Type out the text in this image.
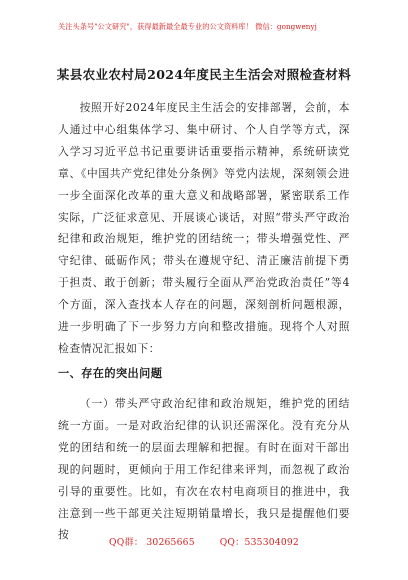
关注头条号"公文研究"，获得最新最全最专业的公文资料库！ 微信：gongwenyj
某县农业农村局2024年度民主生活会对照检查材料
按照开好2024年度民主生活会的安排部署，会前，本人通过中心组集体学习、集中研讨、个人自学等方式，深入学习习近平总书记重要讲话重要指示精神，系统研读党章、《中国共产党纪律处分条例》等党内法规，深刻领会进一步全面深化改革的重大意义和战略部署，紧密联系工作实际，广泛征求意见、开展谈心谈话，对照“带头严守政治纪律和政治规矩，维护党的团结统一；带头增强党性、严守纪律、砥砺作风；带头在遵规守纪、清正廉洁前提下勇于担责、敢于创新；带头履行全面从严治党政治责任”等4个方面，深入查找本人存在的问题，深刻剖析问题根源，进一步明确了下一步努力方向和整改措施。现将个人对照检查情况汇报如下：
一、存在的突出问题
（一）带头严守政治纪律和政治规矩，维护党的团结统一方面。一是对政治纪律的认识还需深化。没有充分从党的团结和统一的层面去理解和把握。有时在面对干部出现的问题时，更倾向于用工作纪律来评判，而忽视了政治引导的重要性。比如，有次在农村电商项目的推进中，我注意到一些干部更关注短期销量增长，我只是提醒他们要按
QQ群： 30265665        QQ：535304092
